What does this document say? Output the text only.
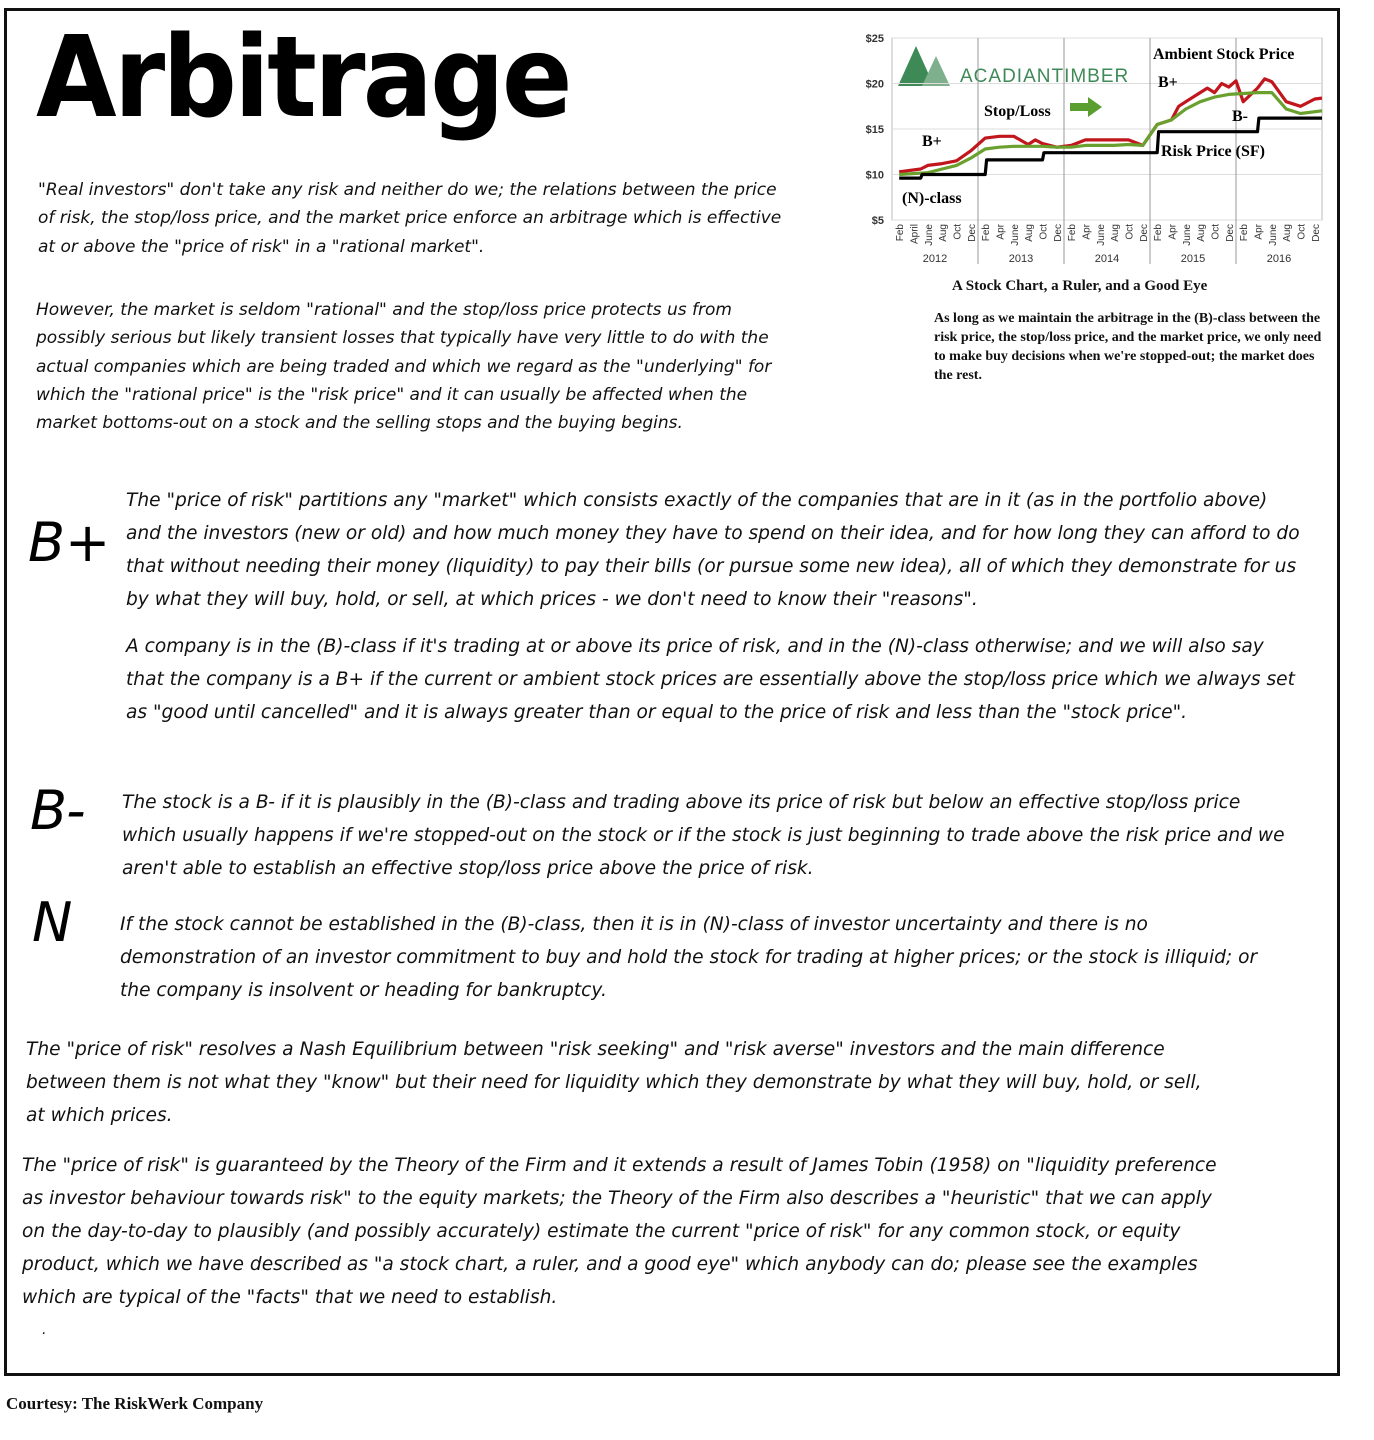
Arbitrage
"Real investors" don't take any risk and neither do we; the relations between the price of risk, the stop/loss price, and the market price enforce an arbitrage which is effective at or above the "price of risk" in a "rational market".
However, the market is seldom "rational" and the stop/loss price protects us from possibly serious but likely transient losses that typically have very little to do with the actual companies which are being traded and which we regard as the "underlying" for which the "rational price" is the "risk price" and it can usually be affected when the market bottoms-out on a stock and the selling stops and the buying begins.
ACADIANTIMBER
$25
$20
$15
$10
$5
Feb April June Aug Oct Dec Feb Apr June Aug Oct Dec Feb Apr June Aug Oct Dec Feb Apr June Aug Oct Dec Feb Apr June Aug Oct Dec
2012	2013	2014	2015	2016
Ambient Stock Price
B+
Stop/Loss
B+
B-
Risk Price (SF)
(N)-class
A Stock Chart, a Ruler, and a Good Eye
As long as we maintain the arbitrage in the (B)-class between the risk price, the stop/loss price, and the market price, we only need to make buy decisions when we're stopped-out; the market does the rest.
B+
The "price of risk" partitions any "market" which consists exactly of the companies that are in it (as in the portfolio above) and the investors (new or old) and how much money they have to spend on their idea, and for how long they can afford to do that without needing their money (liquidity) to pay their bills (or pursue some new idea), all of which they demonstrate for us by what they will buy, hold, or sell, at which prices - we don't need to know their "reasons".
A company is in the (B)-class if it's trading at or above its price of risk, and in the (N)-class otherwise; and we will also say that the company is a B+ if the current or ambient stock prices are essentially above the stop/loss price which we always set as "good until cancelled" and it is always greater than or equal to the price of risk and less than the "stock price".
B- The stock is a B- if it is plausibly in the (B)-class and trading above its price of risk but below an effective stop/loss price which usually happens if we're stopped-out on the stock or if the stock is just beginning to trade above the risk price and we aren't able to establish an effective stop/loss price above the price of risk.
N	If the stock cannot be established in the (B)-class, then it is in (N)-class of investor uncertainty and there is no demonstration of an investor commitment to buy and hold the stock for trading at higher prices; or the stock is illiquid; or the company is insolvent or heading for bankruptcy.
The "price of risk" resolves a Nash Equilibrium between "risk seeking" and "risk averse" investors and the main difference between them is not what they "know" but their need for liquidity which they demonstrate by what they will buy, hold, or sell, at which prices.
The "price of risk" is guaranteed by the Theory of the Firm and it extends a result of James Tobin (1958) on "liquidity preference as investor behaviour towards risk" to the equity markets; the Theory of the Firm also describes a "heuristic" that we can apply on the day-to-day to plausibly (and possibly accurately) estimate the current "price of risk" for any common stock, or equity product, which we have described as "a stock chart, a ruler, and a good eye" which anybody can do; please see the examples which are typical of the "facts" that we need to establish.
.
Courtesy: The RiskWerk Company
